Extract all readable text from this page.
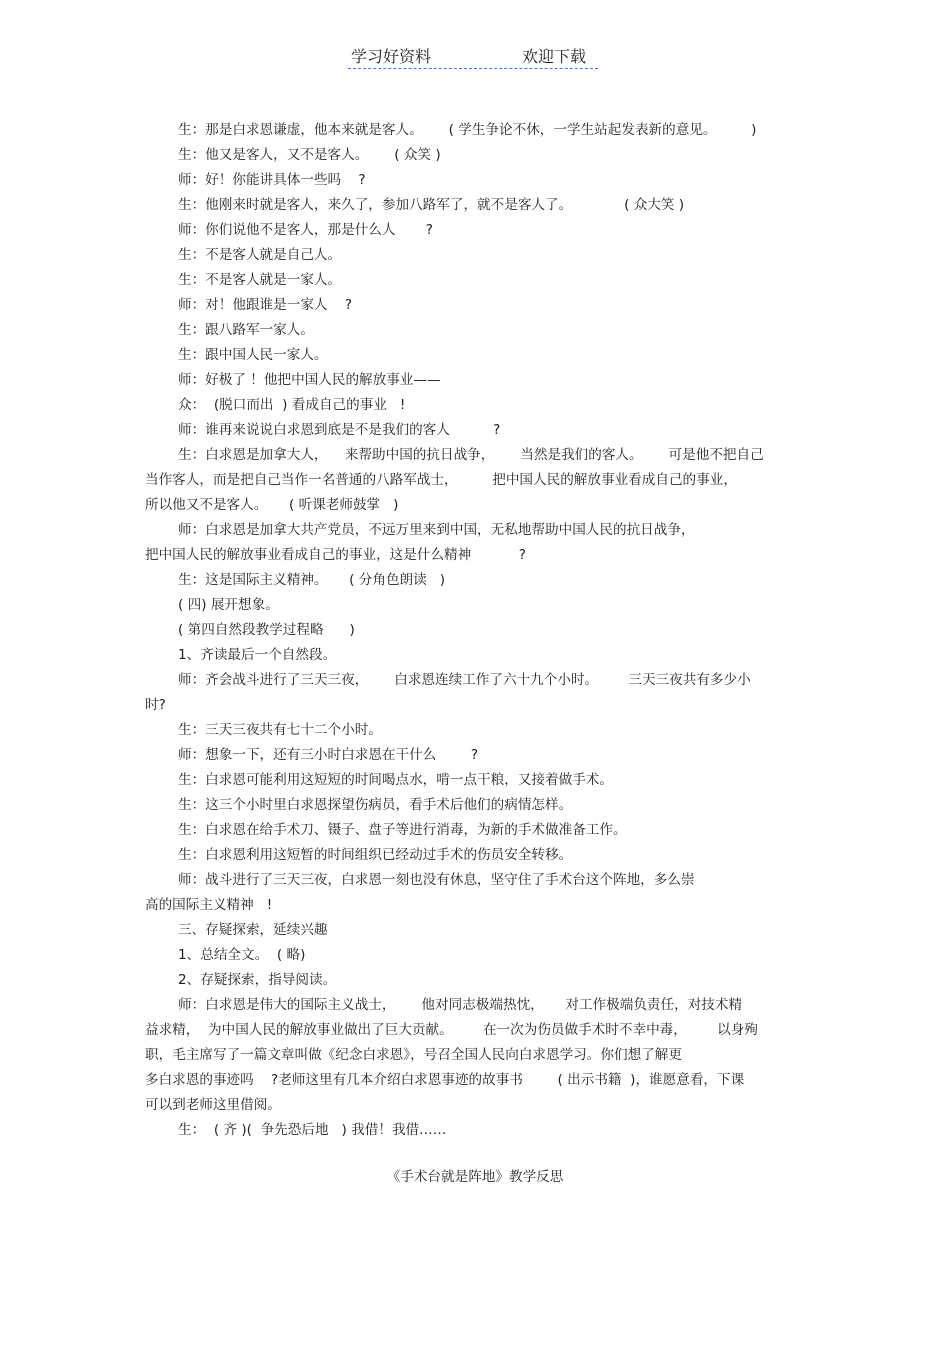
学习好资料	欢迎下载
生：那是白求恩谦虚，他本来就是客人。      ( 学生争论不休，一学生站起发表新的意见。        )
生：他又是客人，又不是客人。      ( 众笑 )
师：好！你能讲具体一些吗    ?
生：他刚来时就是客人，来久了，参加八路军了，就不是客人了。            ( 众大笑 )
师：你们说他不是客人，那是什么人       ?
生：不是客人就是自己人。
生：不是客人就是一家人。
师：对！他跟谁是一家人    ?
生：跟八路军一家人。
生：跟中国人民一家人。
师：好极了 ！他把中国人民的解放事业——
众：  (脱口而出  ) 看成自己的事业   !
师：谁再来说说白求恩到底是不是我们的客人          ?
生：白求恩是加拿大人，    来帮助中国的抗日战争，      当然是我们的客人。      可是他不把自己
当作客人，而是把自己当作一名普通的八路军战士，        把中国人民的解放事业看成自己的事业，
所以他又不是客人。     ( 听课老师鼓掌   )
师：白求恩是加拿大共产党员，不远万里来到中国，无私地帮助中国人民的抗日战争，
把中国人民的解放事业看成自己的事业，这是什么精神           ?
生：这是国际主义精神。     ( 分角色朗读   )
( 四) 展开想象。
( 第四自然段教学过程略      )
1、齐读最后一个自然段。
师：齐会战斗进行了三天三夜，      白求恩连续工作了六十九个小时。       三天三夜共有多少小
时?
生：三天三夜共有七十二个小时。
师：想象一下，还有三小时白求恩在干什么        ?
生：白求恩可能利用这短短的时间喝点水，啃一点干粮，又接着做手术。
生：这三个小时里白求恩探望伤病员，看手术后他们的病情怎样。
生：白求恩在给手术刀、镊子、盘子等进行消毒，为新的手术做准备工作。
生：白求恩利用这短暂的时间组织已经动过手术的伤员安全转移。
师：战斗进行了三天三夜，白求恩一刻也没有休息，坚守住了手术台这个阵地，多么崇
高的国际主义精神   !
三、存疑探索，延续兴趣
1、总结全文。  ( 略)
2、存疑探索，指导阅读。
师：白求恩是伟大的国际主义战士，      他对同志极端热忱，     对工作极端负责任，对技术精
益求精，  为中国人民的解放事业做出了巨大贡献。       在一次为伤员做手术时不幸中毒，       以身殉
职，毛主席写了一篇文章叫做《纪念白求恩》，号召全国人民向白求恩学习。你们想了解更
多白求恩的事迹吗    ?老师这里有几本介绍白求恩事迹的故事书        ( 出示书籍  )，谁愿意看，下课
可以到老师这里借阅。
生：  ( 齐 )(  争先恐后地   ) 我借！我借……
《手术台就是阵地》教学反思
